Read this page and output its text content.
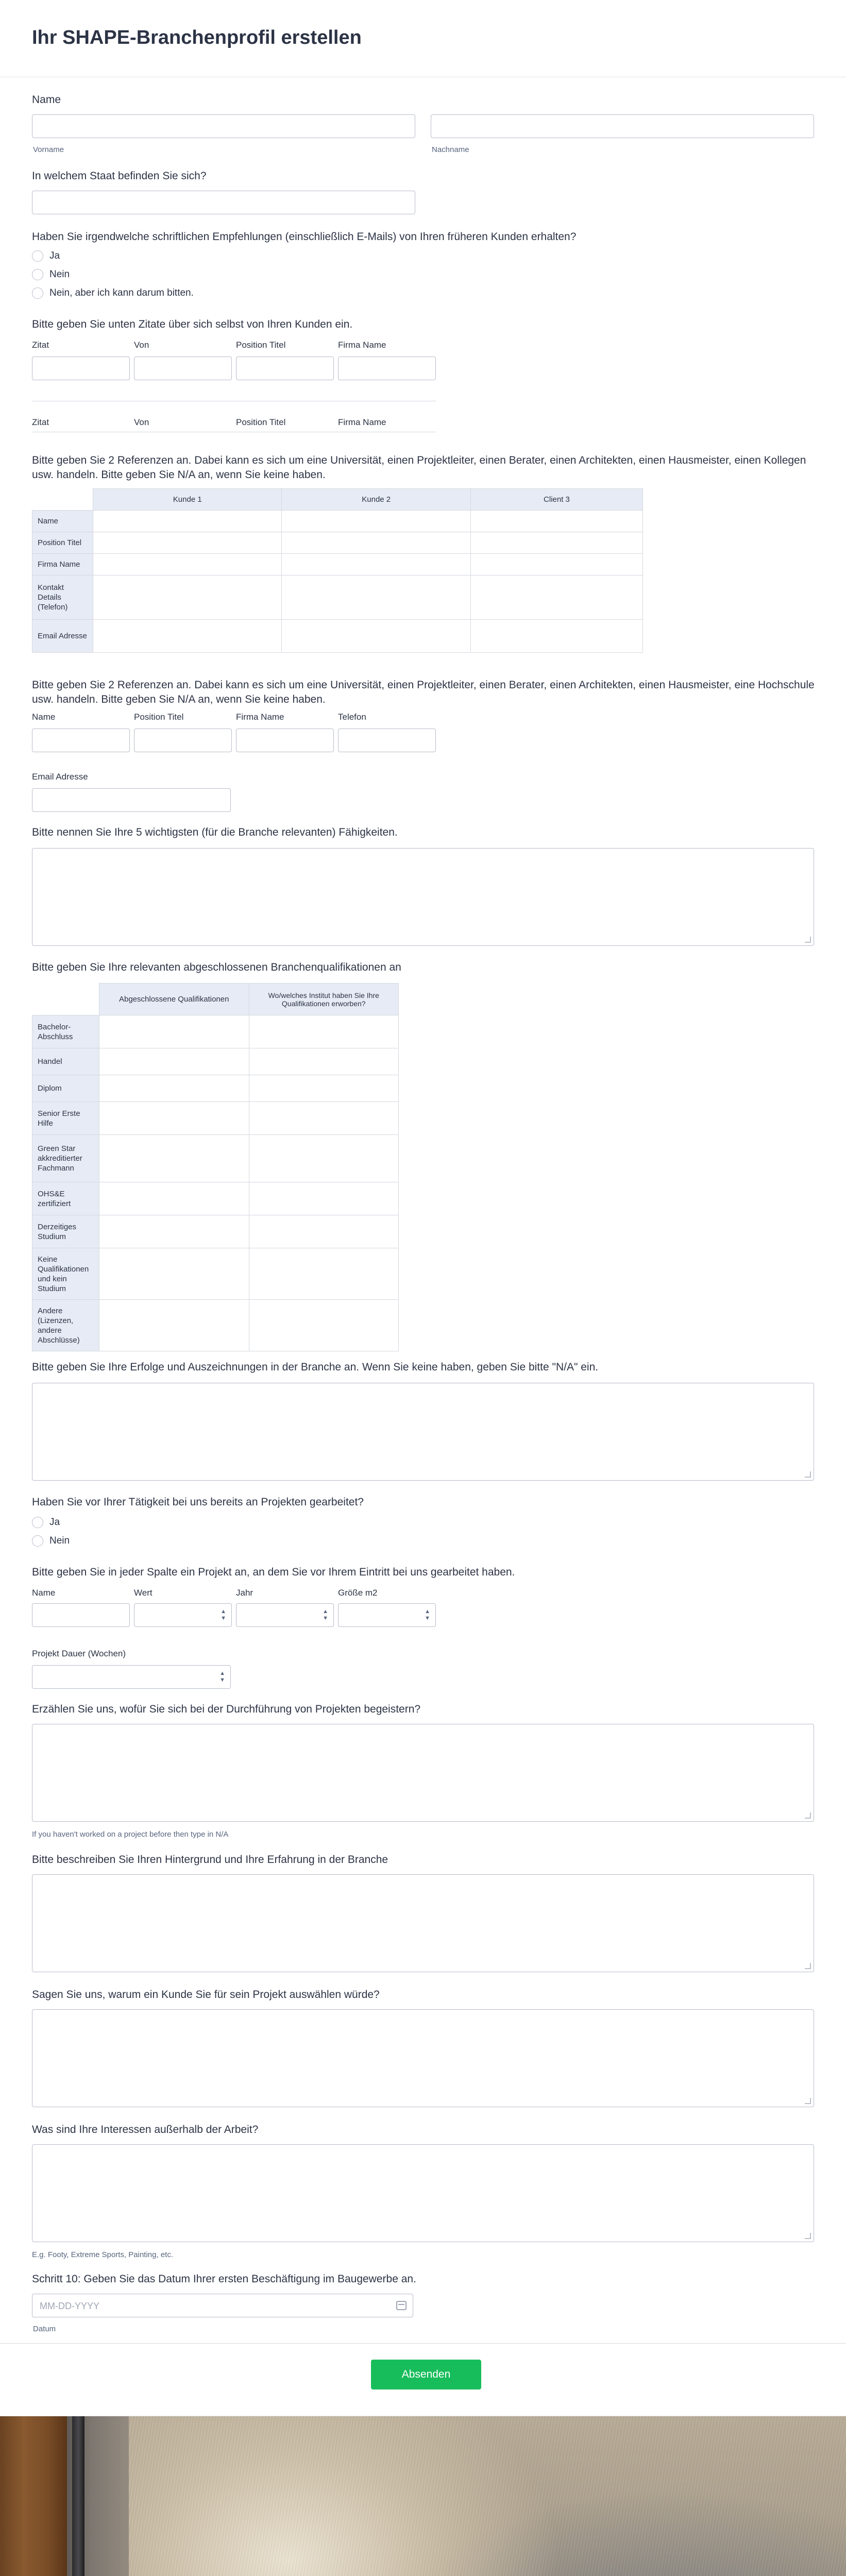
Ihr SHAPE-Branchenprofil erstellen
Name
Vorname	Nachname
In welchem Staat befinden Sie sich?
Haben Sie irgendwelche schriftlichen Empfehlungen (einschließlich E-Mails) von Ihren früheren Kunden erhalten?
Ja
Nein
Nein, aber ich kann darum bitten.
Bitte geben Sie unten Zitate über sich selbst von Ihren Kunden ein.
Zitat	Von	Position Titel	Firma Name
Zitat	Von	Position Titel	Firma Name
Bitte geben Sie 2 Referenzen an. Dabei kann es sich um eine Universität, einen Projektleiter, einen Berater, einen Architekten, einen Hausmeister, einen Kollegen usw. handeln. Bitte geben Sie N/A an, wenn Sie keine haben.
	Kunde 1	Kunde 2	Client 3
Name			
Position Titel			
Firma Name			
Kontakt Details (Telefon)			
Email Adresse			
Bitte geben Sie 2 Referenzen an. Dabei kann es sich um eine Universität, einen Projektleiter, einen Berater, einen Architekten, einen Hausmeister, eine Hochschule usw. handeln. Bitte geben Sie N/A an, wenn Sie keine haben.
Name	Position Titel	Firma Name	Telefon
Email Adresse
Bitte nennen Sie Ihre 5 wichtigsten (für die Branche relevanten) Fähigkeiten.
Bitte geben Sie Ihre relevanten abgeschlossenen Branchenqualifikationen an
	Abgeschlossene Qualifikationen	Wo/welches Institut haben Sie Ihre Qualifikationen erworben?
Bachelor-Abschluss		
Handel		
Diplom		
Senior Erste Hilfe		
Green Star akkreditierter Fachmann		
OHS&E zertifiziert		
Derzeitiges Studium		
Keine Qualifikationen und kein Studium		
Andere (Lizenzen, andere Abschlüsse)		
Bitte geben Sie Ihre Erfolge und Auszeichnungen in der Branche an. Wenn Sie keine haben, geben Sie bitte "N/A" ein.
Haben Sie vor Ihrer Tätigkeit bei uns bereits an Projekten gearbeitet?
Ja
Nein
Bitte geben Sie in jeder Spalte ein Projekt an, an dem Sie vor Ihrem Eintritt bei uns gearbeitet haben.
Name	Wert	Jahr	Größe m2
▲
▼
▲
▼
▲
▼
Projekt Dauer (Wochen)
▲
▼
Erzählen Sie uns, wofür Sie sich bei der Durchführung von Projekten begeistern?
If you haven't worked on a project before then type in N/A
Bitte beschreiben Sie Ihren Hintergrund und Ihre Erfahrung in der Branche
Sagen Sie uns, warum ein Kunde Sie für sein Projekt auswählen würde?
Was sind Ihre Interessen außerhalb der Arbeit?
E.g. Footy, Extreme Sports, Painting, etc.
Schritt 10: Geben Sie das Datum Ihrer ersten Beschäftigung im Baugewerbe an.
MM-DD-YYYY
Datum
Absenden
